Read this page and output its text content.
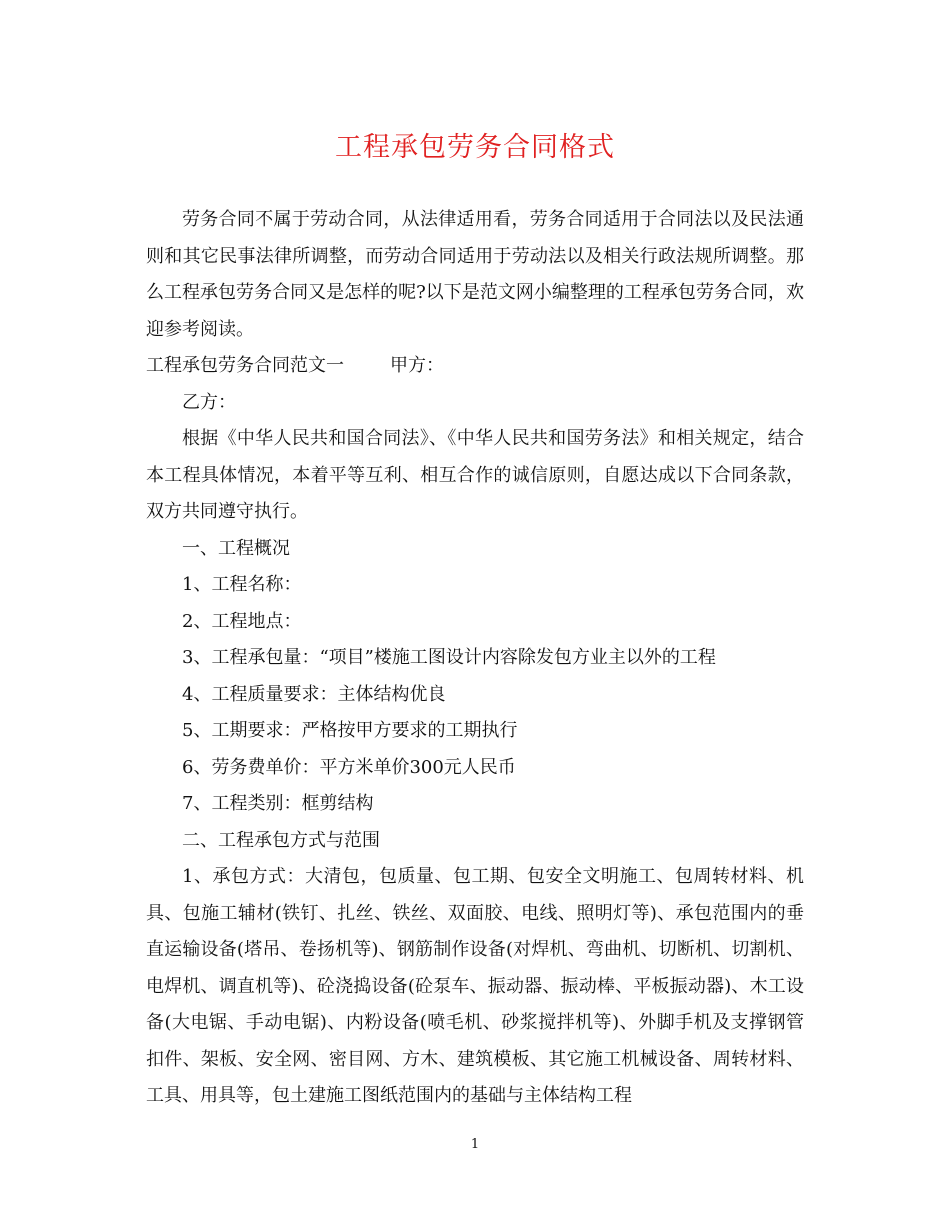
工程承包劳务合同格式

劳务合同不属于劳动合同，从法律适用看，劳务合同适用于合同法以及民法通则和其它民事法律所调整，而劳动合同适用于劳动法以及相关行政法规所调整。那么工程承包劳务合同又是怎样的呢?以下是范文网小编整理的工程承包劳务合同，欢迎参考阅读。

工程承包劳务合同范文一	甲方：

乙方：

根据《中华人民共和国合同法》、《中华人民共和国劳务法》和相关规定，结合本工程具体情况，本着平等互利、相互合作的诚信原则，自愿达成以下合同条款，双方共同遵守执行。

一、工程概况

1、工程名称：

2、工程地点：

3、工程承包量：“项目”楼施工图设计内容除发包方业主以外的工程

4、工程质量要求：主体结构优良

5、工期要求：严格按甲方要求的工期执行

6、劳务费单价：平方米单价300元人民币

7、工程类别：框剪结构

二、工程承包方式与范围

1、承包方式：大清包，包质量、包工期、包安全文明施工、包周转材料、机具、包施工辅材(铁钉、扎丝、铁丝、双面胶、电线、照明灯等)、承包范围内的垂直运输设备(塔吊、卷扬机等)、钢筋制作设备(对焊机、弯曲机、切断机、切割机、电焊机、调直机等)、砼浇捣设备(砼泵车、振动器、振动棒、平板振动器)、木工设备(大电锯、手动电锯)、内粉设备(喷毛机、砂浆搅拌机等)、外脚手机及支撑钢管扣件、架板、安全网、密目网、方木、建筑模板、其它施工机械设备、周转材料、工具、用具等，包土建施工图纸范围内的基础与主体结构工程

1
